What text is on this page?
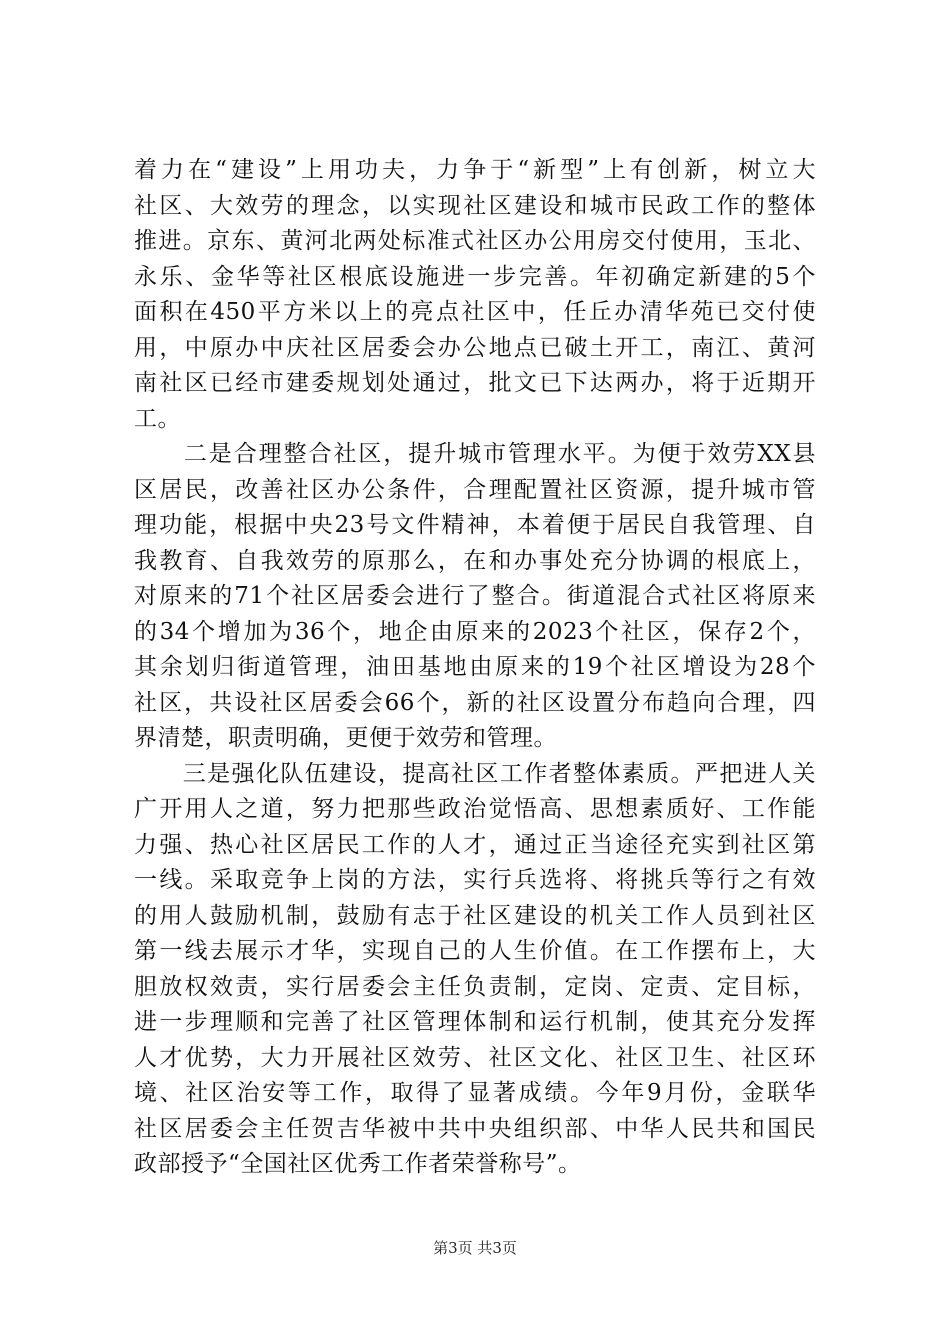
着力在“建设”上用功夫，力争于“新型”上有创新，树立大
社区、大效劳的理念，以实现社区建设和城市民政工作的整体
推进。京东、黄河北两处标准式社区办公用房交付使用，玉北、
永乐、金华等社区根底设施进一步完善。年初确定新建的5个
面积在450平方米以上的亮点社区中，任丘办清华苑已交付使
用，中原办中庆社区居委会办公地点已破土开工，南江、黄河
南社区已经市建委规划处通过，批文已下达两办，将于近期开
工。
　　二是合理整合社区，提升城市管理水平。为便于效劳XX县
区居民，改善社区办公条件，合理配置社区资源，提升城市管
理功能，根据中央23号文件精神，本着便于居民自我管理、自
我教育、自我效劳的原那么，在和办事处充分协调的根底上，
对原来的71个社区居委会进行了整合。街道混合式社区将原来
的34个增加为36个，地企由原来的2023个社区，保存2个，
其余划归街道管理，油田基地由原来的19个社区增设为28个
社区，共设社区居委会66个，新的社区设置分布趋向合理，四
界清楚，职责明确，更便于效劳和管理。
　　三是强化队伍建设，提高社区工作者整体素质。严把进人关
广开用人之道，努力把那些政治觉悟高、思想素质好、工作能
力强、热心社区居民工作的人才，通过正当途径充实到社区第
一线。采取竞争上岗的方法，实行兵选将、将挑兵等行之有效
的用人鼓励机制，鼓励有志于社区建设的机关工作人员到社区
第一线去展示才华，实现自己的人生价值。在工作摆布上，大
胆放权效责，实行居委会主任负责制，定岗、定责、定目标，
进一步理顺和完善了社区管理体制和运行机制，使其充分发挥
人才优势，大力开展社区效劳、社区文化、社区卫生、社区环
境、社区治安等工作，取得了显著成绩。今年9月份，金联华
社区居委会主任贺吉华被中共中央组织部、中华人民共和国民
政部授予“全国社区优秀工作者荣誉称号”。
第3页 共3页
